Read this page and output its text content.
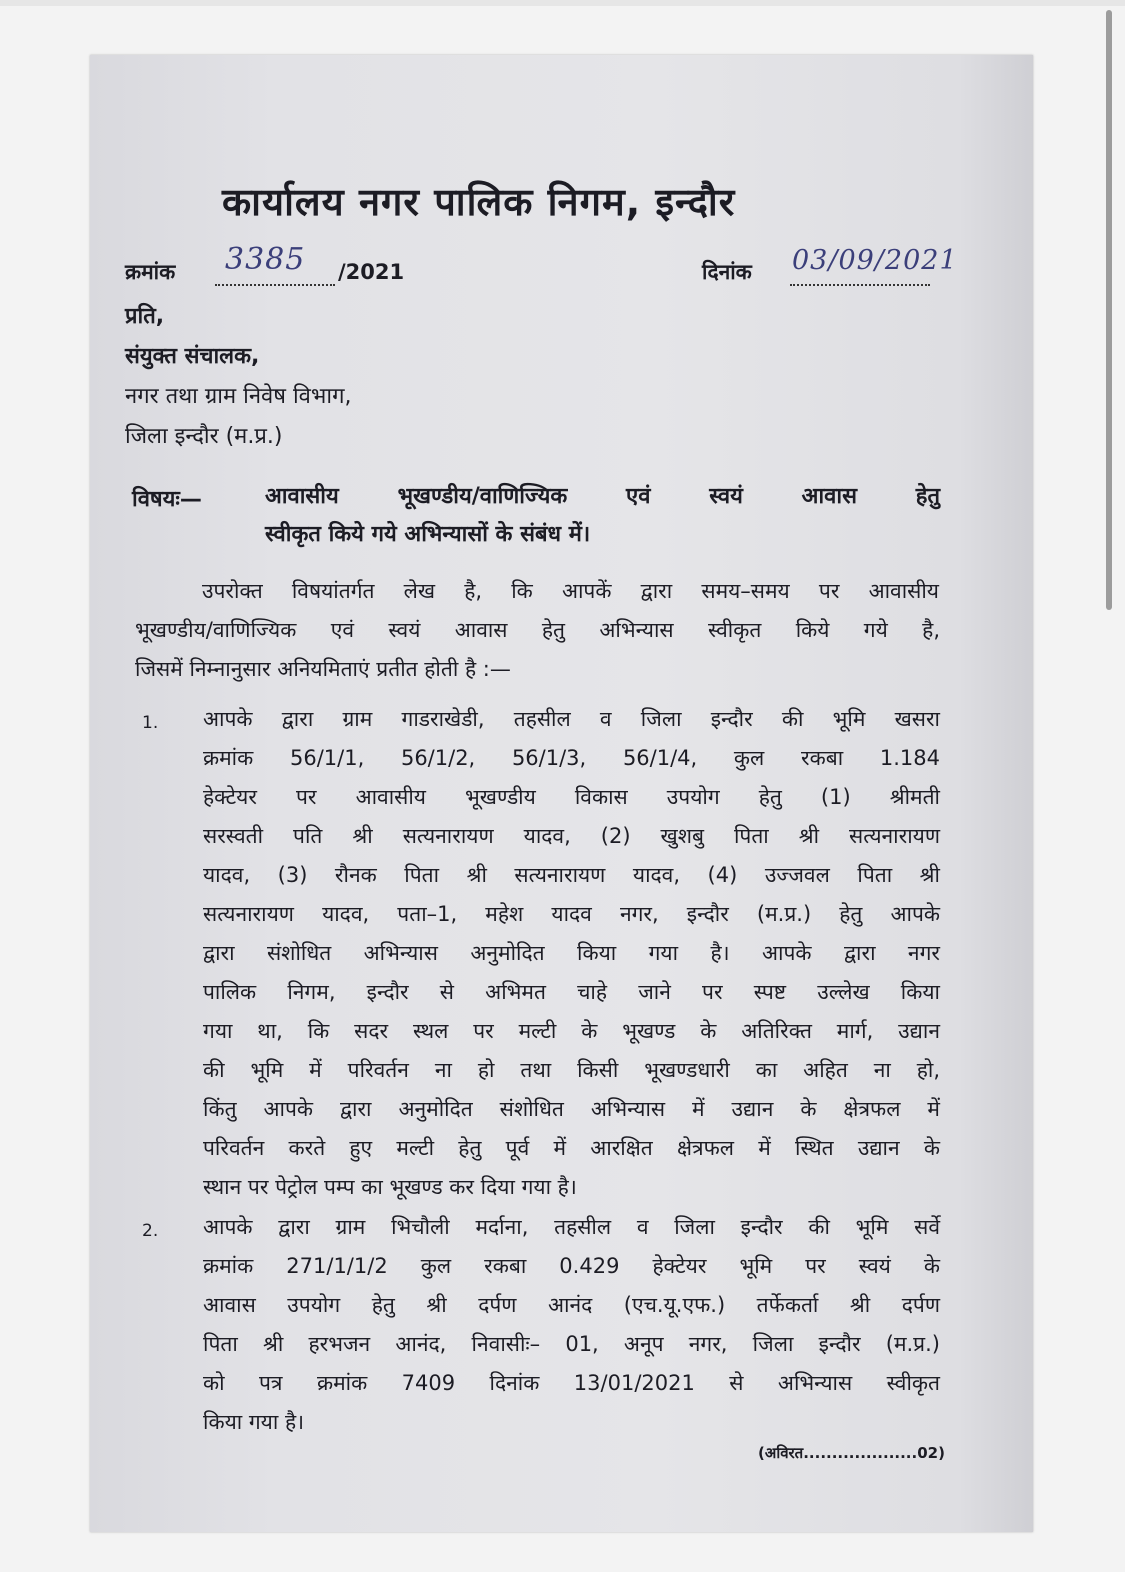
कार्यालय नगर पालिक निगम, इन्दौर
क्रमांक 3385 /2021	दिनांक 03/09/2021
प्रति,
संयुक्त संचालक,
नगर तथा ग्राम निवेष विभाग,
जिला इन्दौर (म.प्र.)
विषयः—	आवासीय भूखण्डीय/वाणिज्यिक एवं स्वयं आवास हेतु
स्वीकृत किये गये अभिन्यासों के संबंध में।
उपरोक्त विषयांतर्गत लेख है, कि आपकें द्वारा समय–समय पर आवासीय
भूखण्डीय/वाणिज्यिक एवं स्वयं आवास हेतु अभिन्यास स्वीकृत किये गये है,
जिसमें निम्नानुसार अनियमिताएं प्रतीत होती है :—
1. आपके द्वारा ग्राम गाडराखेडी, तहसील व जिला इन्दौर की भूमि खसरा
क्रमांक 56/1/1, 56/1/2, 56/1/3, 56/1/4, कुल रकबा 1.184
हेक्टेयर पर आवासीय भूखण्डीय विकास उपयोग हेतु (1) श्रीमती
सरस्वती पति श्री सत्यनारायण यादव, (2) खुशबु पिता श्री सत्यनारायण
यादव, (3) रौनक पिता श्री सत्यनारायण यादव, (4) उज्जवल पिता श्री
सत्यनारायण यादव, पता–1, महेश यादव नगर, इन्दौर (म.प्र.) हेतु आपके
द्वारा संशोधित अभिन्यास अनुमोदित किया गया है। आपके द्वारा नगर
पालिक निगम, इन्दौर से अभिमत चाहे जाने पर स्पष्ट उल्लेख किया
गया था, कि सदर स्थल पर मल्टी के भूखण्ड के अतिरिक्त मार्ग, उद्यान
की भूमि में परिवर्तन ना हो तथा किसी भूखण्डधारी का अहित ना हो,
किंतु आपके द्वारा अनुमोदित संशोधित अभिन्यास में उद्यान के क्षेत्रफल में
परिवर्तन करते हुए मल्टी हेतु पूर्व में आरक्षित क्षेत्रफल में स्थित उद्यान के
स्थान पर पेट्रोल पम्प का भूखण्ड कर दिया गया है।
2. आपके द्वारा ग्राम भिचौली मर्दाना, तहसील व जिला इन्दौर की भूमि सर्वे
क्रमांक 271/1/1/2 कुल रकबा 0.429 हेक्टेयर भूमि पर स्वयं के
आवास उपयोग हेतु श्री दर्पण आनंद (एच.यू.एफ.) तर्फेकर्ता श्री दर्पण
पिता श्री हरभजन आनंद, निवासीः– 01, अनूप नगर, जिला इन्दौर (म.प्र.)
को पत्र क्रमांक 7409 दिनांक 13/01/2021 से अभिन्यास स्वीकृत
किया गया है।
(अविरत....................02)
